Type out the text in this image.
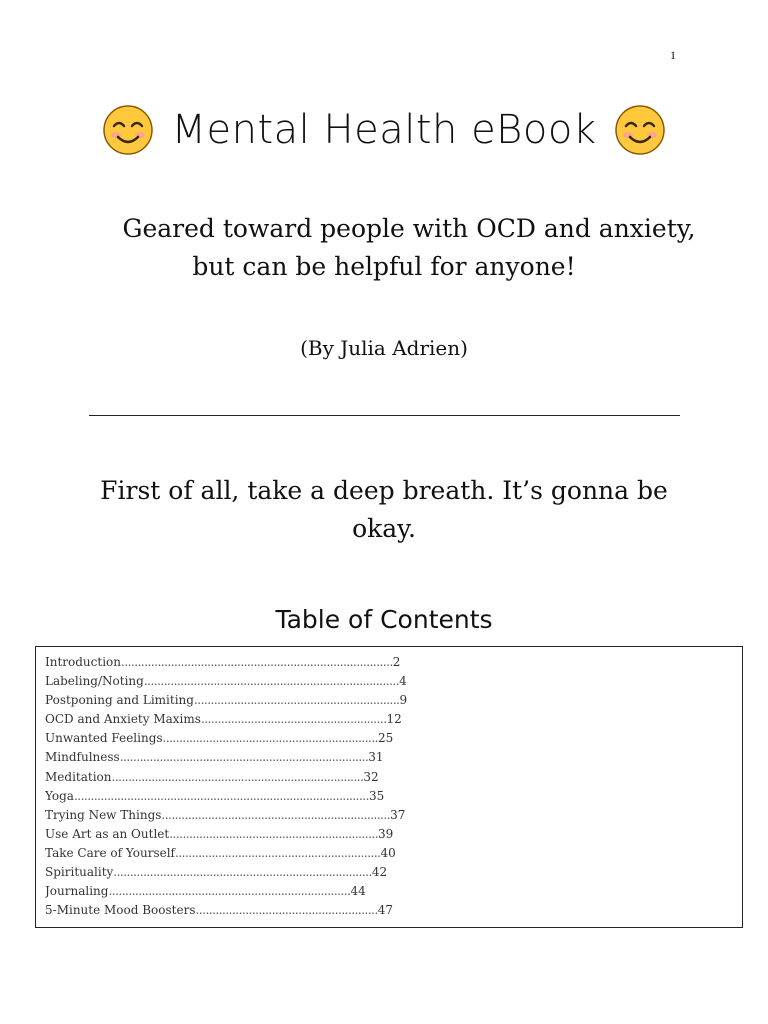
1
Mental Health eBook
Geared toward people with OCD and anxiety,
but can be helpful for anyone!
(By Julia Adrien)
First of all, take a deep breath. It’s gonna be okay.
Table of Contents
Introduction..................................................................................2
Labeling/Noting.............................................................................4
Postponing and Limiting..............................................................9
OCD and Anxiety Maxims........................................................12
Unwanted Feelings.................................................................25
Mindfulness...........................................................................31
Meditation............................................................................32
Yoga.........................................................................................35
Trying New Things.....................................................................37
Use Art as an Outlet...............................................................39
Take Care of Yourself..............................................................40
Spirituality..............................................................................42
Journaling.........................................................................44
5-Minute Mood Boosters.......................................................47
